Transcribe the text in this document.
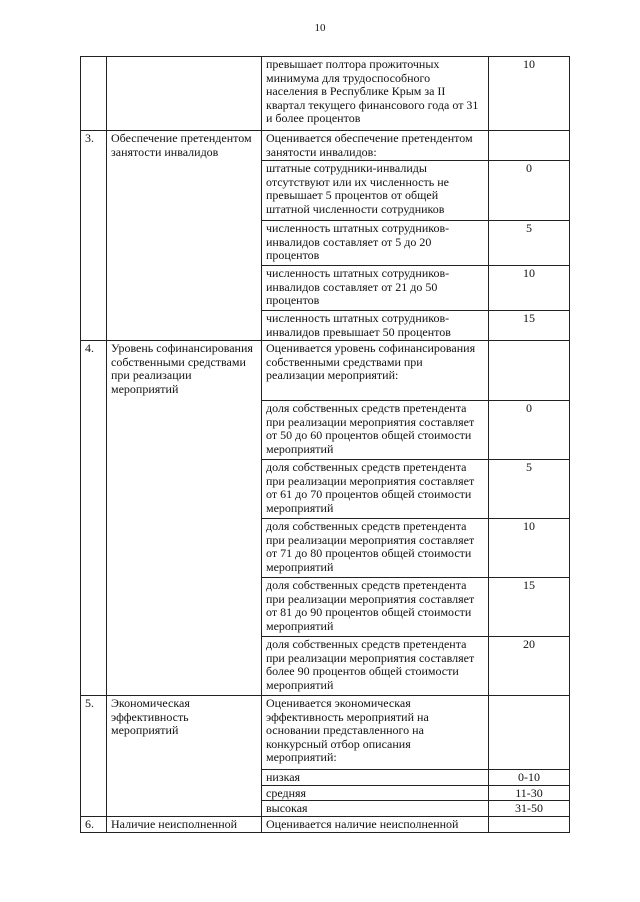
10
		превышает полтора прожиточных минимума для трудоспособного населения в Республике Крым за II квартал текущего финансового года от 31 и более процентов	10
3.	Обеспечение претендентом занятости инвалидов	Оценивается обеспечение претендентом занятости инвалидов:	
		штатные сотрудники-инвалиды отсутствуют или их численность не превышает 5 процентов от общей штатной численности сотрудников	0
		численность штатных сотрудников-инвалидов составляет от 5 до 20 процентов	5
		численность штатных сотрудников-инвалидов составляет от 21 до 50 процентов	10
		численность штатных сотрудников-инвалидов превышает 50 процентов	15
4.	Уровень софинансирования собственными средствами при реализации мероприятий	Оценивается уровень софинансирования собственными средствами при реализации мероприятий:	
		доля собственных средств претендента при реализации мероприятия составляет от 50 до 60 процентов общей стоимости мероприятий	0
		доля собственных средств претендента при реализации мероприятия составляет от 61 до 70 процентов общей стоимости мероприятий	5
		доля собственных средств претендента при реализации мероприятия составляет от 71 до 80 процентов общей стоимости мероприятий	10
		доля собственных средств претендента при реализации мероприятия составляет от 81 до 90 процентов общей стоимости мероприятий	15
		доля собственных средств претендента при реализации мероприятия составляет более 90 процентов общей стоимости мероприятий	20
5.	Экономическая эффективность мероприятий	Оценивается экономическая эффективность мероприятий на основании представленного на конкурсный отбор описания мероприятий:	
		низкая	0-10
		средняя	11-30
		высокая	31-50
6.	Наличие неисполненной	Оценивается наличие неисполненной	
